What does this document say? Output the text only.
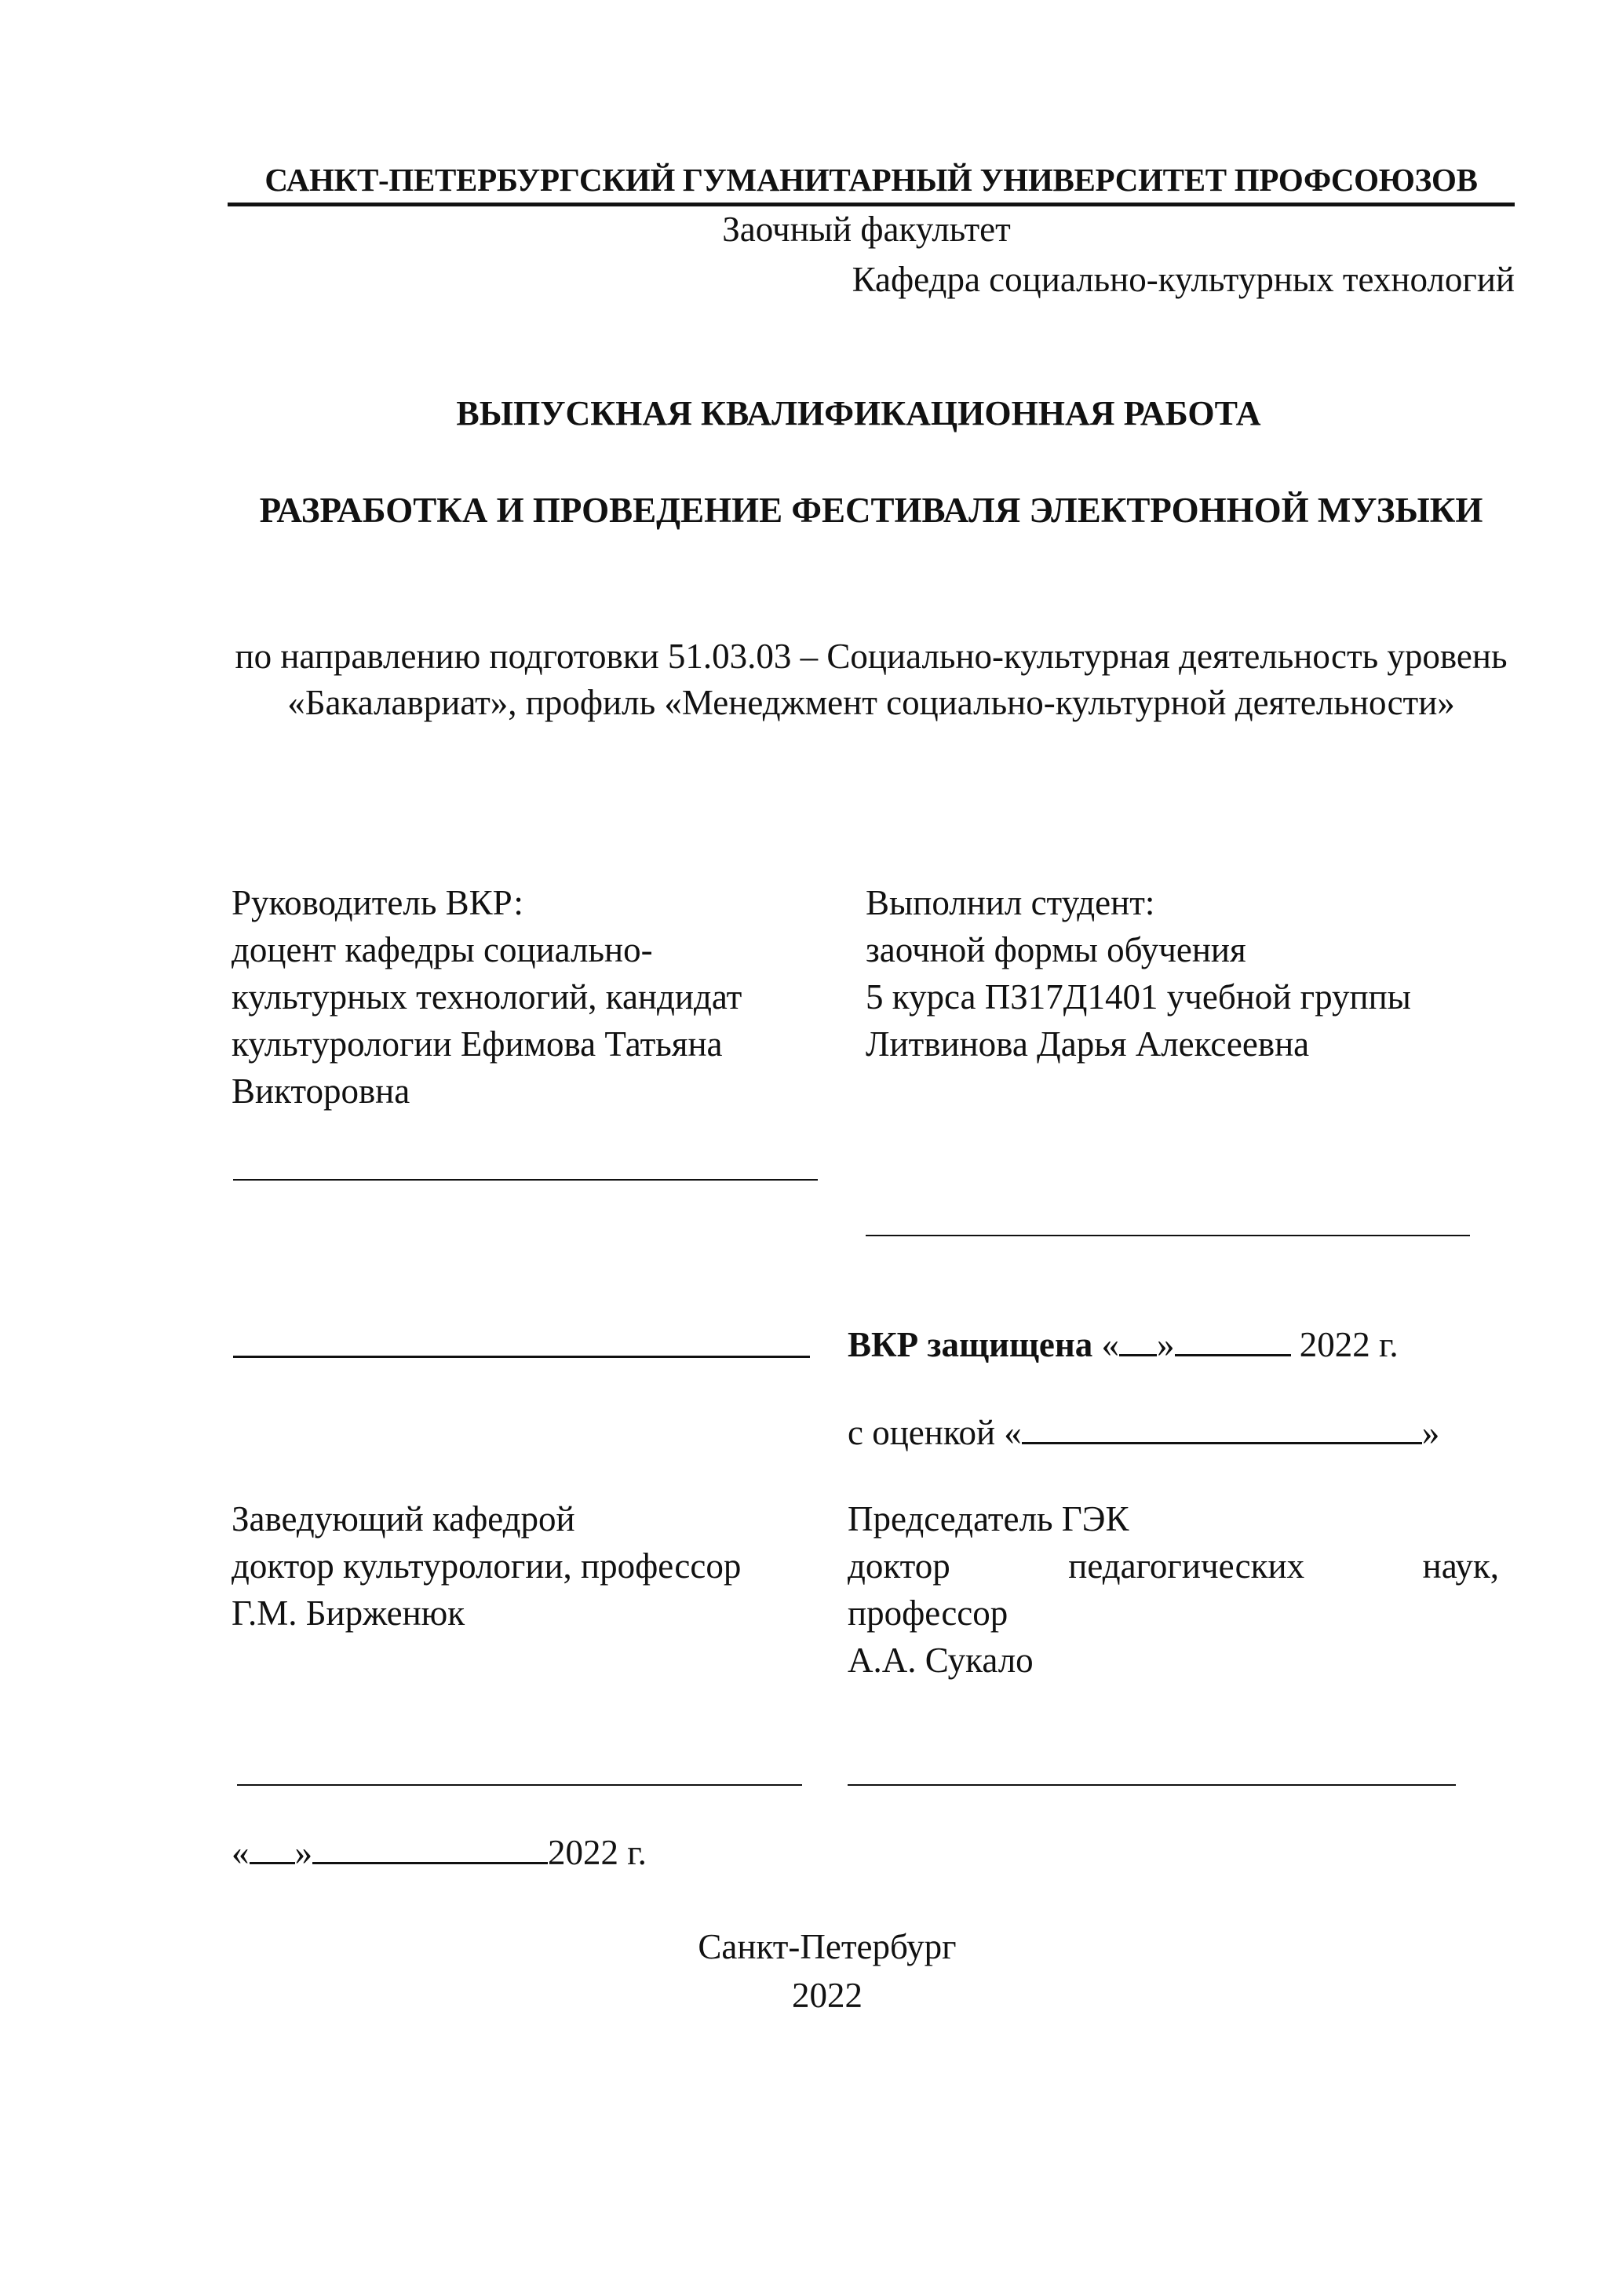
САНКТ-ПЕТЕРБУРГСКИЙ ГУМАНИТАРНЫЙ УНИВЕРСИТЕТ ПРОФСОЮЗОВ
Заочный факультет
Кафедра социально-культурных технологий
ВЫПУСКНАЯ КВАЛИФИКАЦИОННАЯ РАБОТА
РАЗРАБОТКА И ПРОВЕДЕНИЕ ФЕСТИВАЛЯ ЭЛЕКТРОННОЙ МУЗЫКИ
по направлению подготовки 51.03.03 – Социально-культурная деятельность уровень «Бакалавриат», профиль «Менеджмент социально-культурной деятельности»
Руководитель ВКР:
доцент кафедры социально-культурных технологий, кандидат культурологии Ефимова Татьяна Викторовна
Выполнил студент:
заочной формы обучения
5 курса ПЗ17Д1401 учебной группы
Литвинова Дарья Алексеевна
ВКР защищена « »	2022 г.
с оценкой «	»
Заведующий кафедрой
доктор культурологии, профессор
Г.М. Бирженюк
Председатель ГЭК
доктор	педагогических	наук,
профессор
А.А. Сукало
« »	2022 г.
Санкт-Петербург
2022
